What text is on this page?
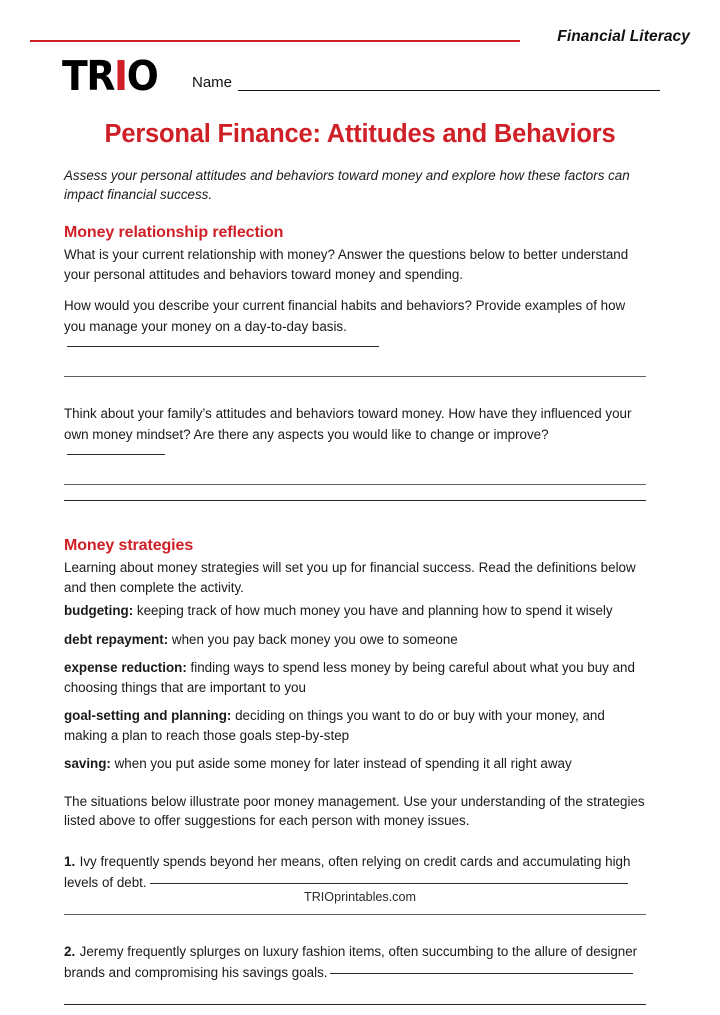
Financial Literacy
TRIO Name
Personal Finance: Attitudes and Behaviors

Assess your personal attitudes and behaviors toward money and explore how these factors can impact financial success.

Money relationship reflection

What is your current relationship with money? Answer the questions below to better understand your personal attitudes and behaviors toward money and spending.

How would you describe your current financial habits and behaviors? Provide examples of how you manage your money on a day-to-day basis.
Think about your family’s attitudes and behaviors toward money. How have they influenced your own money mindset? Are there any aspects you would like to change or improve?
Money strategies

Learning about money strategies will set you up for financial success. Read the definitions below and then complete the activity.

budgeting: keeping track of how much money you have and planning how to spend it wisely

debt repayment: when you pay back money you owe to someone

expense reduction: finding ways to spend less money by being careful about what you buy and choosing things that are important to you

goal-setting and planning: deciding on things you want to do or buy with your money, and making a plan to reach those goals step-by-step

saving: when you put aside some money for later instead of spending it all right away

The situations below illustrate poor money management. Use your understanding of the strategies listed above to offer suggestions for each person with money issues.

1. Ivy frequently spends beyond her means, often relying on credit cards and accumulating high levels of debt.
2. Jeremy frequently splurges on luxury fashion items, often succumbing to the allure of designer brands and compromising his savings goals.
TRIOprintables.com
